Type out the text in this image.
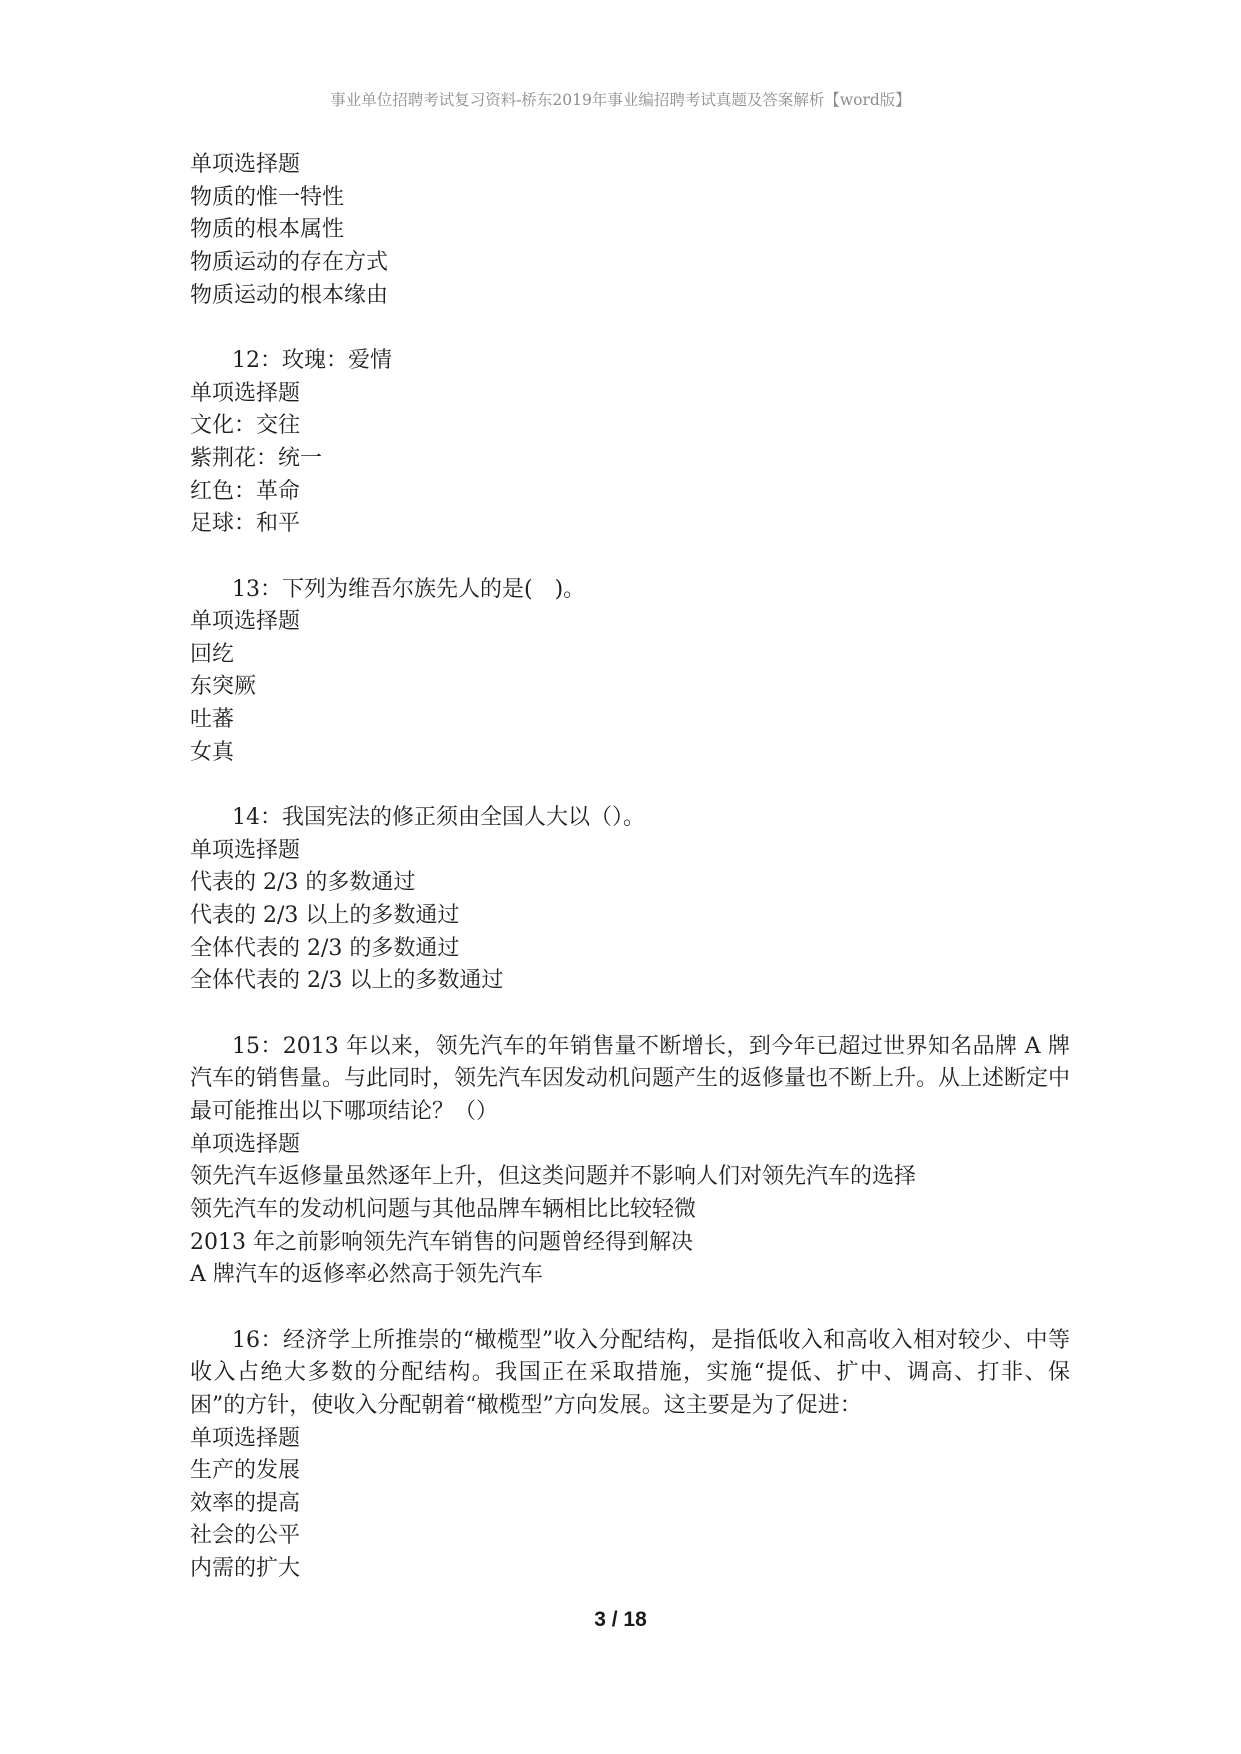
事业单位招聘考试复习资料-桥东2019年事业编招聘考试真题及答案解析【word版】
单项选择题
物质的惟一特性
物质的根本属性
物质运动的存在方式
物质运动的根本缘由
12：玫瑰：爱情
单项选择题
文化：交往
紫荆花：统一
红色：革命
足球：和平
13：下列为维吾尔族先人的是(　)。
单项选择题
回纥
东突厥
吐蕃
女真
14：我国宪法的修正须由全国人大以（）。
单项选择题
代表的 2/3 的多数通过
代表的 2/3 以上的多数通过
全体代表的 2/3 的多数通过
全体代表的 2/3 以上的多数通过
15：2013 年以来，领先汽车的年销售量不断增长，到今年已超过世界知名品牌 A 牌汽车的销售量。与此同时，领先汽车因发动机问题产生的返修量也不断上升。从上述断定中最可能推出以下哪项结论？（）
单项选择题
领先汽车返修量虽然逐年上升，但这类问题并不影响人们对领先汽车的选择
领先汽车的发动机问题与其他品牌车辆相比比较轻微
2013 年之前影响领先汽车销售的问题曾经得到解决
A 牌汽车的返修率必然高于领先汽车
16：经济学上所推崇的“橄榄型”收入分配结构，是指低收入和高收入相对较少、中等收入占绝大多数的分配结构。我国正在采取措施，实施“提低、扩中、调高、打非、保困”的方针，使收入分配朝着“橄榄型”方向发展。这主要是为了促进：
单项选择题
生产的发展
效率的提高
社会的公平
内需的扩大
3 / 18
